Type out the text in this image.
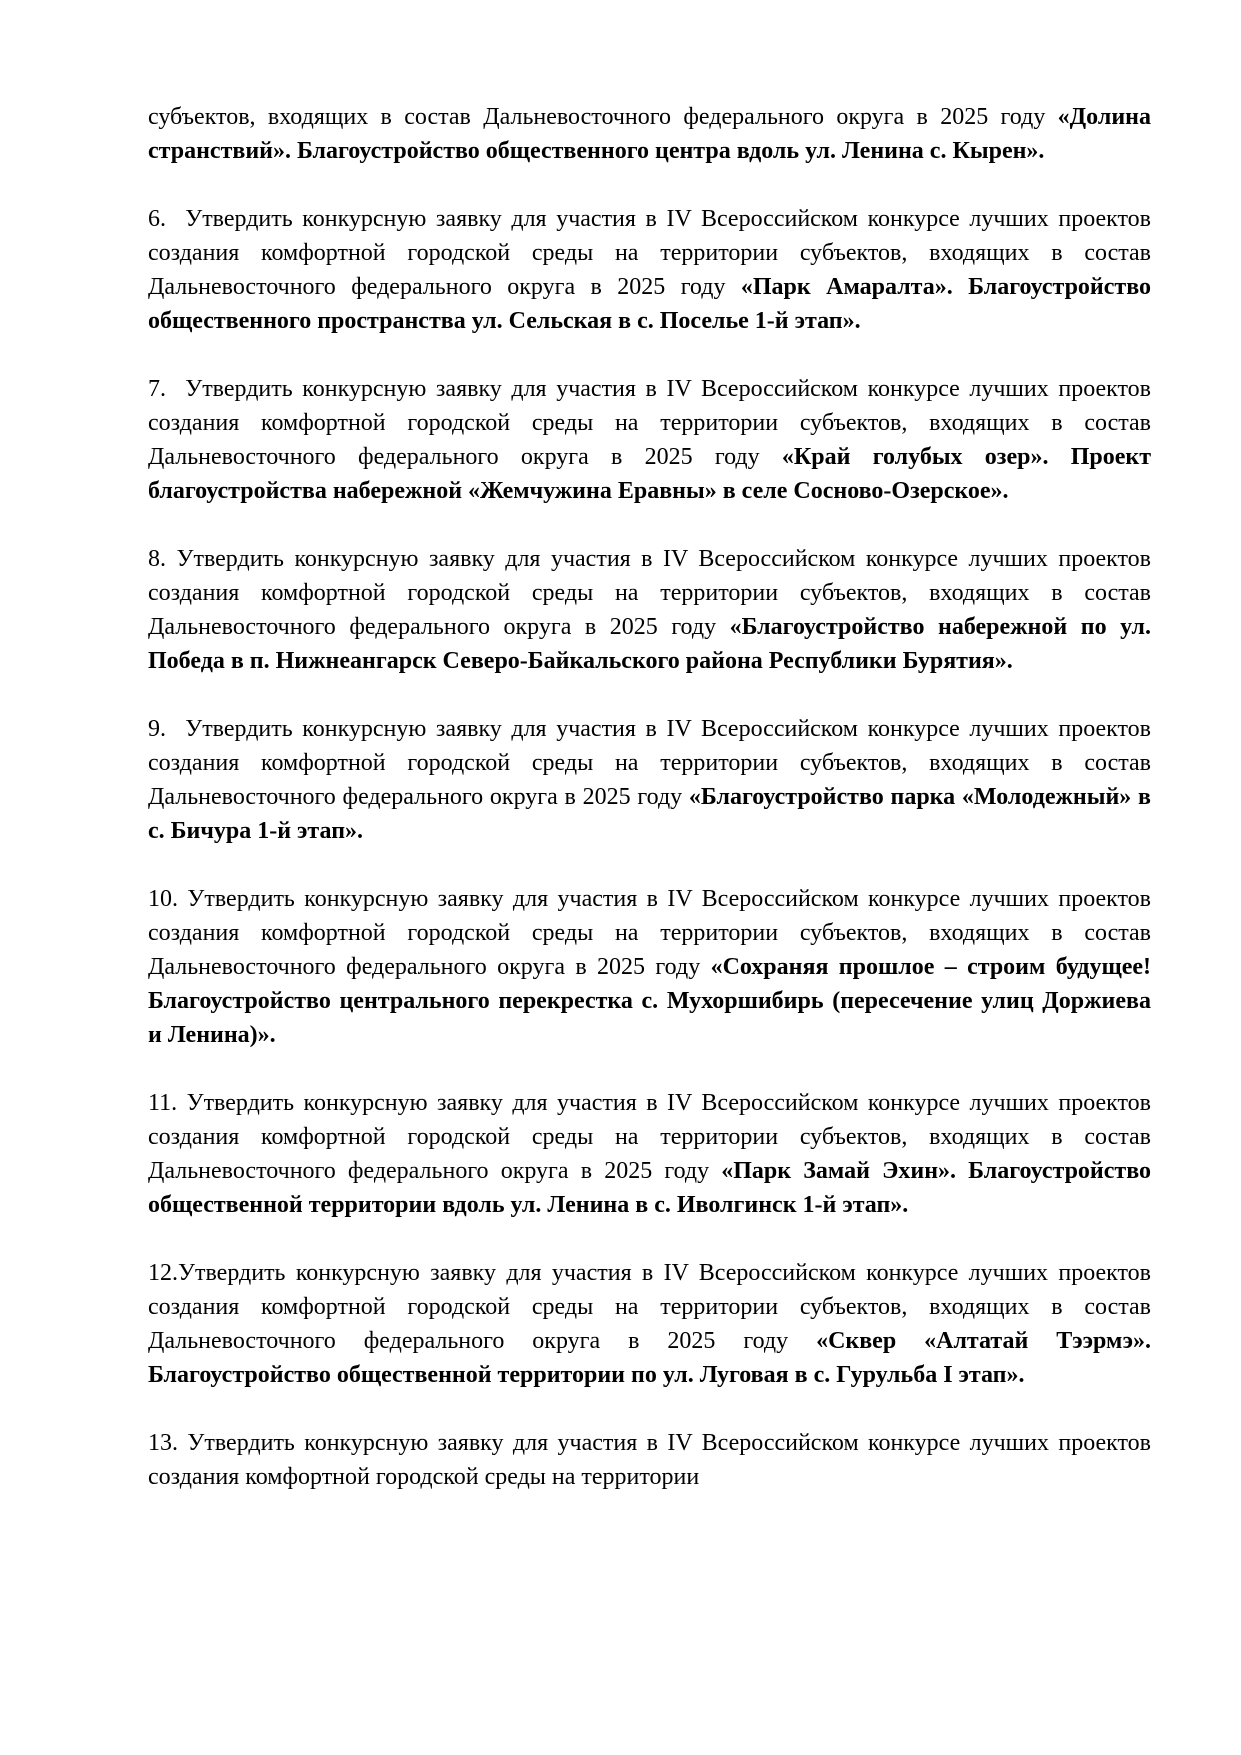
субъектов, входящих в состав Дальневосточного федерального округа в 2025 году «Долина странствий». Благоустройство общественного центра вдоль ул. Ленина с. Кырен».

6.  Утвердить конкурсную заявку для участия в IV Всероссийском конкурсе лучших проектов создания комфортной городской среды на территории субъектов, входящих в состав Дальневосточного федерального округа в 2025 году «Парк Амаралта». Благоустройство общественного пространства ул. Сельская в с. Поселье 1-й этап».

7.  Утвердить конкурсную заявку для участия в IV Всероссийском конкурсе лучших проектов создания комфортной городской среды на территории субъектов, входящих в состав Дальневосточного федерального округа в 2025 году «Край голубых озер». Проект благоустройства набережной «Жемчужина Еравны» в селе Сосново-Озерское».

8. Утвердить конкурсную заявку для участия в IV Всероссийском конкурсе лучших проектов создания комфортной городской среды на территории субъектов, входящих в состав Дальневосточного федерального округа в 2025 году «Благоустройство набережной по ул. Победа в п. Нижнеангарск Северо-Байкальского района Республики Бурятия».

9.  Утвердить конкурсную заявку для участия в IV Всероссийском конкурсе лучших проектов создания комфортной городской среды на территории субъектов, входящих в состав Дальневосточного федерального округа в 2025 году «Благоустройство парка «Молодежный» в с. Бичура 1-й этап».

10. Утвердить конкурсную заявку для участия в IV Всероссийском конкурсе лучших проектов создания комфортной городской среды на территории субъектов, входящих в состав Дальневосточного федерального округа в 2025 году «Сохраняя прошлое – строим будущее! Благоустройство центрального перекрестка с. Мухоршибирь (пересечение улиц Доржиева и Ленина)».

11. Утвердить конкурсную заявку для участия в IV Всероссийском конкурсе лучших проектов создания комфортной городской среды на территории субъектов, входящих в состав Дальневосточного федерального округа в 2025 году «Парк Замай Эхин». Благоустройство общественной территории вдоль ул. Ленина в с. Иволгинск 1-й этап».

12.Утвердить конкурсную заявку для участия в IV Всероссийском конкурсе лучших проектов создания комфортной городской среды на территории субъектов, входящих в состав Дальневосточного федерального округа в 2025 году «Сквер «Алтатай Тээрмэ». Благоустройство общественной территории по ул. Луговая в с. Гурульба I этап».

13. Утвердить конкурсную заявку для участия в IV Всероссийском конкурсе лучших проектов создания комфортной городской среды на территории
